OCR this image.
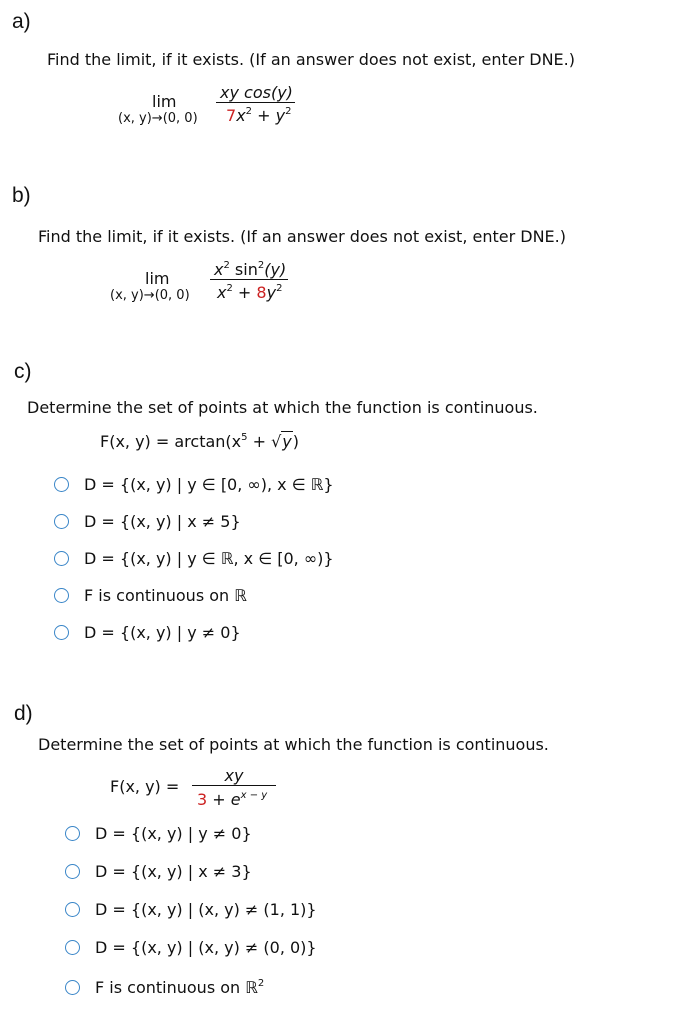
a)
Find the limit, if it exists. (If an answer does not exist, enter DNE.)
lim
(x, y)→(0, 0)
xy cos(y)
$7x^2 + y^2$
b)
Find the limit, if it exists. (If an answer does not exist, enter DNE.)
lim
(x, y)→(0, 0)
$x^2$ $\sin^2(y)$
$x^2 + 8y^2$
c)
Determine the set of points at which the function is continuous.
F(x, $y) = \arctan(x^5 + √y)$
D = {(x, y) | y ∈ [0, ∞), x ∈ ℝ}
D = {(x, y) | x ≠ 5}
D = {(x, y) | y ∈ ℝ, x ∈ [0, ∞)}
F is continuous on ℝ
D = {(x, y) | y ≠ 0}
d)
Determine the set of points at which the function is continuous.
F(x, y) =
xy
$3 + e^{x - y}$
D = {(x, y) | y ≠ 0}
D = {(x, y) | x ≠ 3}
D = {(x, y) | (x, y) ≠ (1, 1)}
D = {(x, y) | (x, y) ≠ (0, 0)}
F is continuous on ℝ$^2$
